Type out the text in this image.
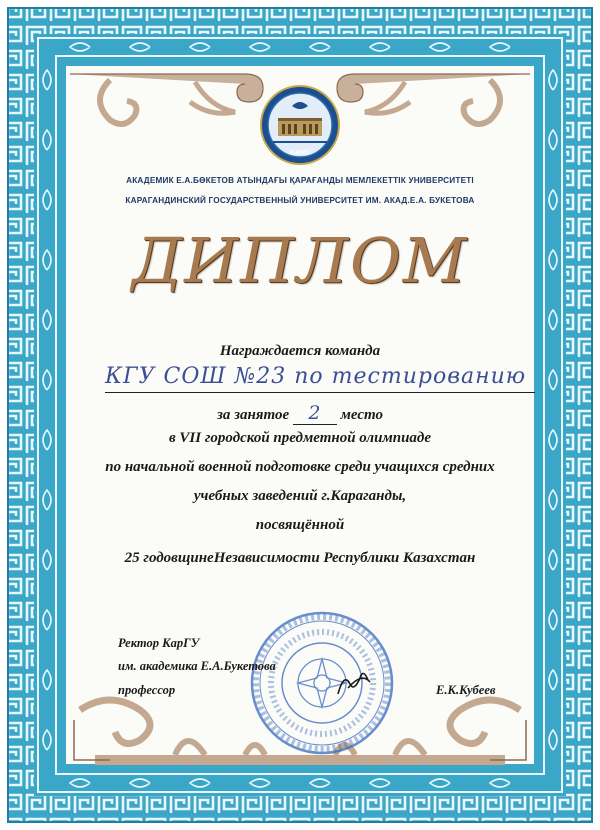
ҚарМУ
АКАДЕМИК Е.А.БӨКЕТОВ АТЫНДАҒЫ ҚАРАҒАНДЫ МЕМЛЕКЕТТІК УНИВЕРСИТЕТІ
КАРАГАНДИНСКИЙ ГОСУДАРСТВЕННЫЙ УНИВЕРСИТЕТ ИМ. АКАД.Е.А. БУКЕТОВА
ДИПЛОМ
Награждается команда
КГУ СОШ №23 по тестированию
за занятое 2 место
в VII городской предметной олимпиаде
по начальной военной подготовке среди учащихся средних
учебных заведений г.Караганды,
посвящённой
25 годовщинеНезависимости Республики Казахстан
Ректор КарГУ
им. академика Е.А.Букетова
профессор	Е.К.Кубеев
